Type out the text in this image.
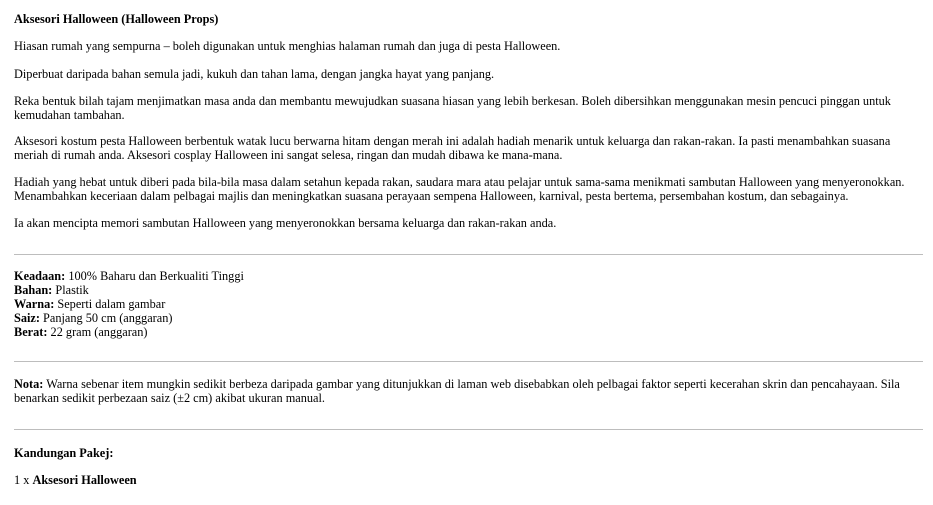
Aksesori Halloween (Halloween Props)

Hiasan rumah yang sempurna – boleh digunakan untuk menghias halaman rumah dan juga di pesta Halloween.

Diperbuat daripada bahan semula jadi, kukuh dan tahan lama, dengan jangka hayat yang panjang.

Reka bentuk bilah tajam menjimatkan masa anda dan membantu mewujudkan suasana hiasan yang lebih berkesan. Boleh dibersihkan menggunakan mesin pencuci pinggan untuk kemudahan tambahan.

Aksesori kostum pesta Halloween berbentuk watak lucu berwarna hitam dengan merah ini adalah hadiah menarik untuk keluarga dan rakan-rakan. Ia pasti menambahkan suasana meriah di rumah anda. Aksesori cosplay Halloween ini sangat selesa, ringan dan mudah dibawa ke mana-mana.

Hadiah yang hebat untuk diberi pada bila-bila masa dalam setahun kepada rakan, saudara mara atau pelajar untuk sama-sama menikmati sambutan Halloween yang menyeronokkan. Menambahkan keceriaan dalam pelbagai majlis dan meningkatkan suasana perayaan sempena Halloween, karnival, pesta bertema, persembahan kostum, dan sebagainya.

Ia akan mencipta memori sambutan Halloween yang menyeronokkan bersama keluarga dan rakan-rakan anda.

Keadaan: 100% Baharu dan Berkualiti Tinggi
Bahan: Plastik
Warna: Seperti dalam gambar
Saiz: Panjang 50 cm (anggaran)
Berat: 22 gram (anggaran)

Nota: Warna sebenar item mungkin sedikit berbeza daripada gambar yang ditunjukkan di laman web disebabkan oleh pelbagai faktor seperti kecerahan skrin dan pencahayaan. Sila benarkan sedikit perbezaan saiz (±2 cm) akibat ukuran manual.

Kandungan Pakej:

1 x Aksesori Halloween
